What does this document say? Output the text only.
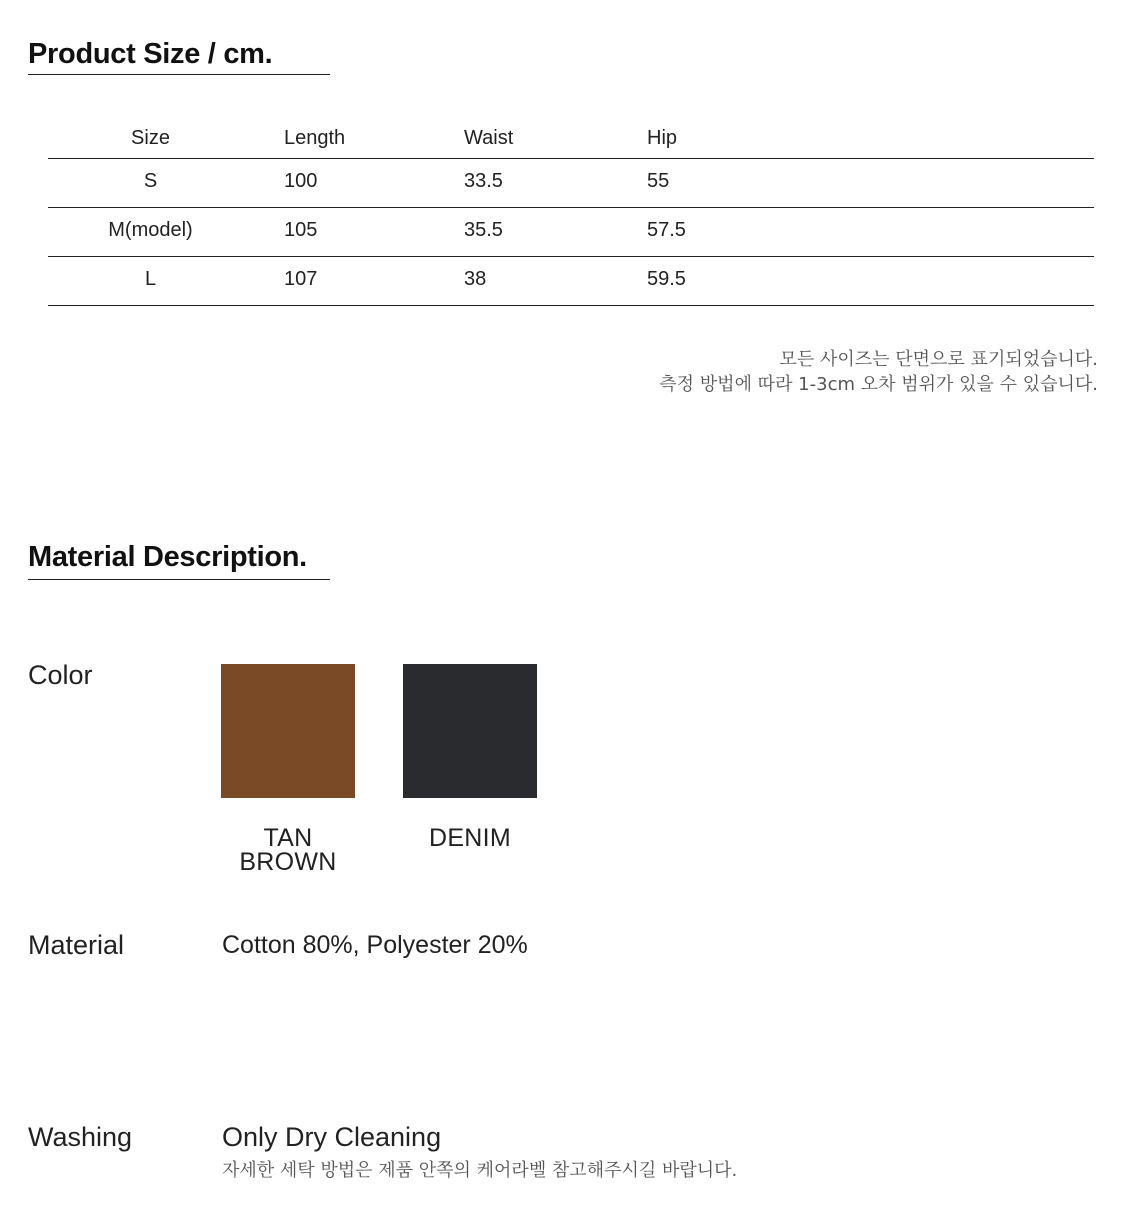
Product Size / cm.
Size	Length	Waist	Hip
S	100	33.5	55
M(model)	105	35.5	57.5
L	107	38	59.5
모든 사이즈는 단면으로 표기되었습니다.
측정 방법에 따라 1-3cm 오차 범위가 있을 수 있습니다.
Material Description.
Color
TAN
BROWN
DENIM
Material	Cotton 80%, Polyester 20%
Washing	Only Dry Cleaning
자세한 세탁 방법은 제품 안쪽의 케어라벨 참고해주시길 바랍니다.
